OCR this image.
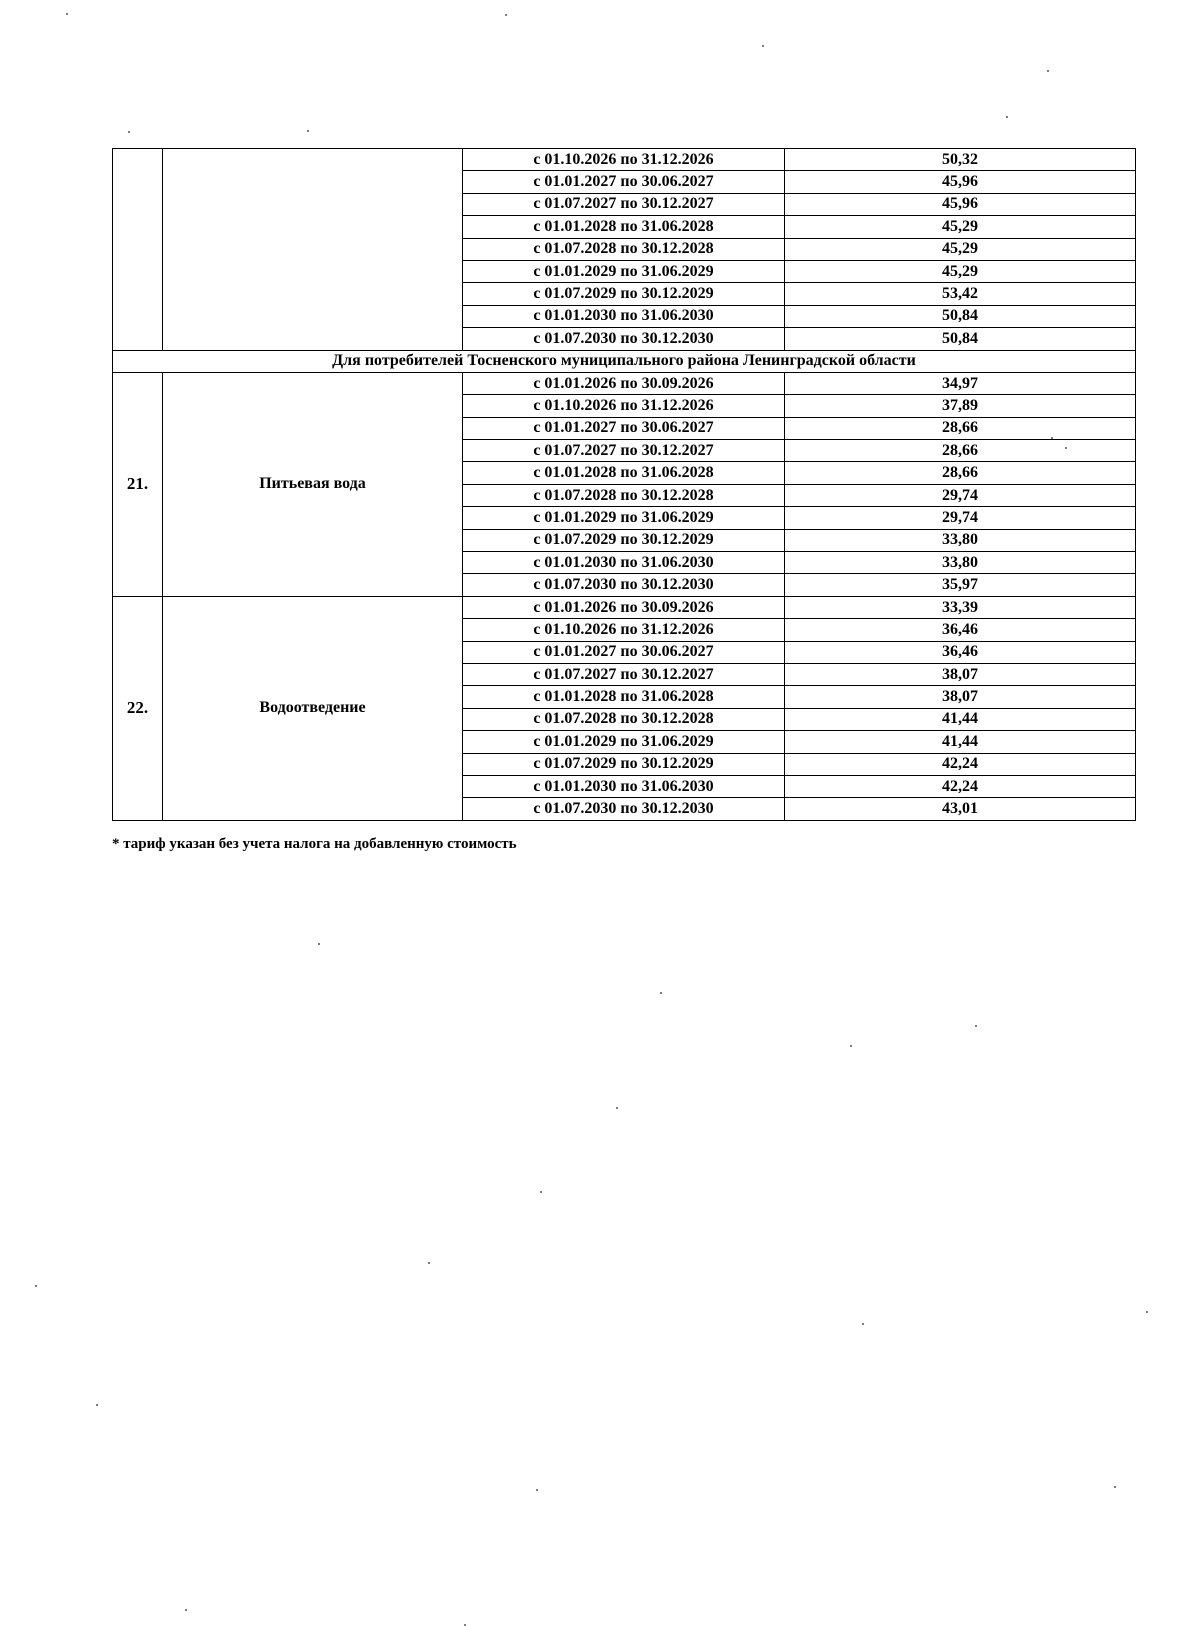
		с 01.10.2026 по 31.12.2026	50,32
		с 01.01.2027 по 30.06.2027	45,96
		с 01.07.2027 по 30.12.2027	45,96
		с 01.01.2028 по 31.06.2028	45,29
		с 01.07.2028 по 30.12.2028	45,29
		с 01.01.2029 по 31.06.2029	45,29
		с 01.07.2029 по 30.12.2029	53,42
		с 01.01.2030 по 31.06.2030	50,84
		с 01.07.2030 по 30.12.2030	50,84
Для потребителей Тосненского муниципального района Ленинградской области			
21.	Питьевая вода	с 01.01.2026 по 30.09.2026	34,97
		с 01.10.2026 по 31.12.2026	37,89
		с 01.01.2027 по 30.06.2027	28,66
		с 01.07.2027 по 30.12.2027	28,66
		с 01.01.2028 по 31.06.2028	28,66
		с 01.07.2028 по 30.12.2028	29,74
		с 01.01.2029 по 31.06.2029	29,74
		с 01.07.2029 по 30.12.2029	33,80
		с 01.01.2030 по 31.06.2030	33,80
		с 01.07.2030 по 30.12.2030	35,97
22.	Водоотведение	с 01.01.2026 по 30.09.2026	33,39
		с 01.10.2026 по 31.12.2026	36,46
		с 01.01.2027 по 30.06.2027	36,46
		с 01.07.2027 по 30.12.2027	38,07
		с 01.01.2028 по 31.06.2028	38,07
		с 01.07.2028 по 30.12.2028	41,44
		с 01.01.2029 по 31.06.2029	41,44
		с 01.07.2029 по 30.12.2029	42,24
		с 01.01.2030 по 31.06.2030	42,24
		с 01.07.2030 по 30.12.2030	43,01
* тариф указан без учета налога на добавленную стоимость
